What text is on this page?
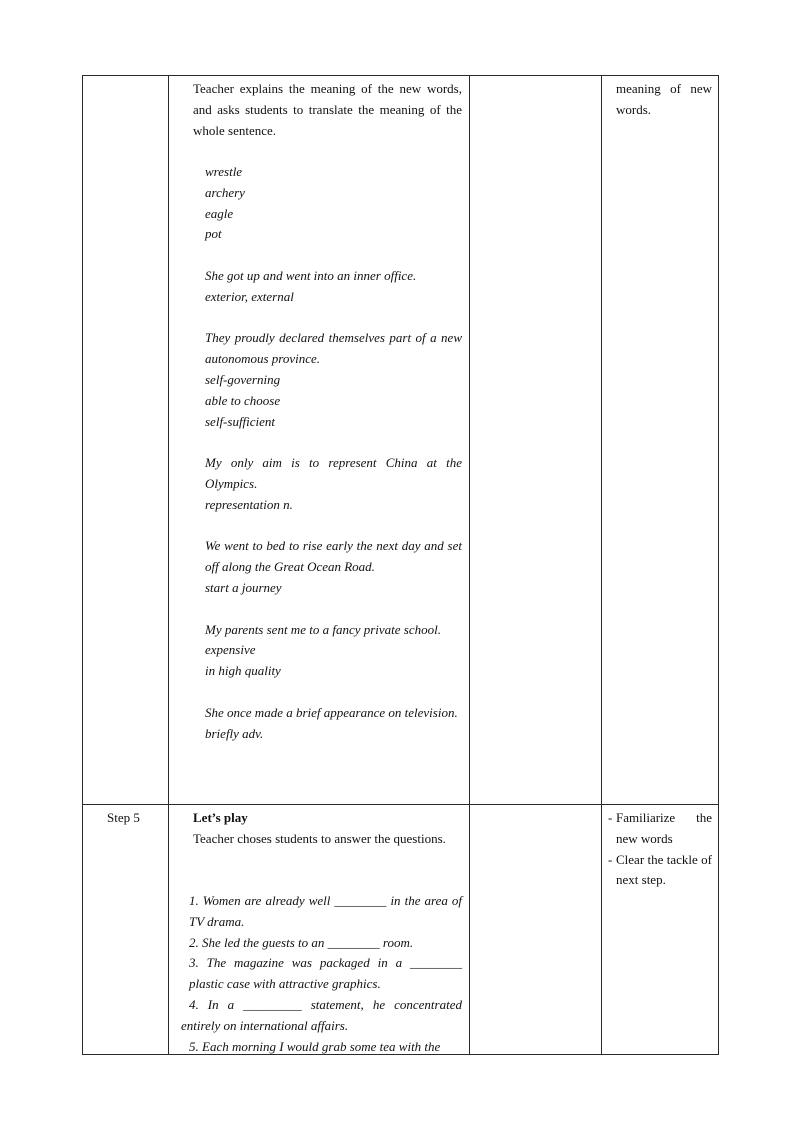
Teacher explains the meaning of the new words, and asks students to translate the meaning of the whole sentence.

wrestle
archery
eagle
pot

She got up and went into an inner office.

exterior, external

They proudly declared themselves part of a new autonomous province.

self-governing
able to choose
self-sufficient

My only aim is to represent China at the Olympics.

representation n.

We went to bed to rise early the next day and set off along the Great Ocean Road.

start a journey

My parents sent me to a fancy private school.

expensive
in high quality

She once made a brief appearance on television.

briefly adv.

meaning of new words.

Step 5	Let’s play

Teacher choses students to answer the questions.

1. Women are already well ________ in the area of TV drama.

2. She led the guests to an ________ room.

3. The magazine was packaged in a ________ plastic case with attractive graphics.

4. In a _________ statement, he concentrated entirely on international affairs.

5. Each morning I would grab some tea with the

- Familiarize the new words
- Clear the tackle of next step.
